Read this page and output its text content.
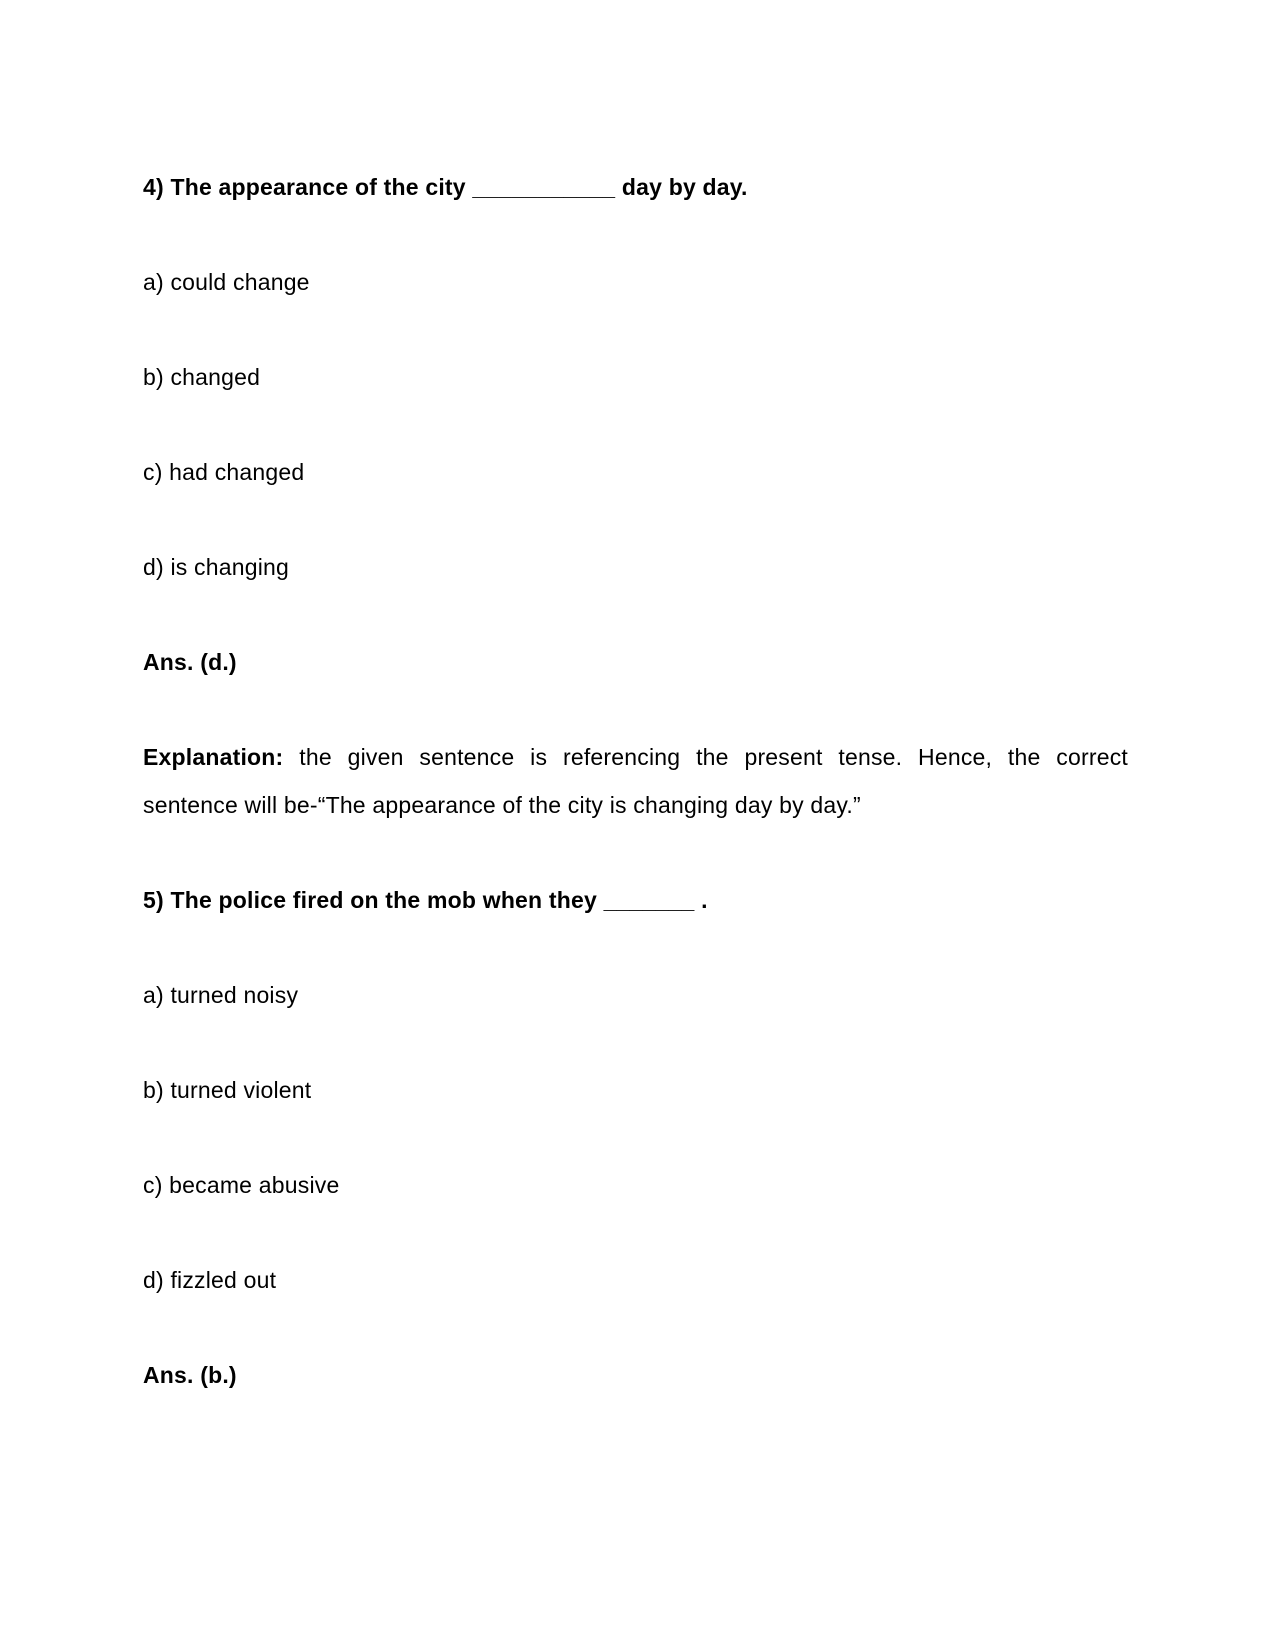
4) The appearance of the city ___________ day by day.

a) could change

b) changed

c) had changed

d) is changing

Ans. (d.)

Explanation: the given sentence is referencing the present tense. Hence, the correct sentence will be-“The appearance of the city is changing day by day.”

5) The police fired on the mob when they _______ .

a) turned noisy

b) turned violent

c) became abusive

d) fizzled out

Ans. (b.)
